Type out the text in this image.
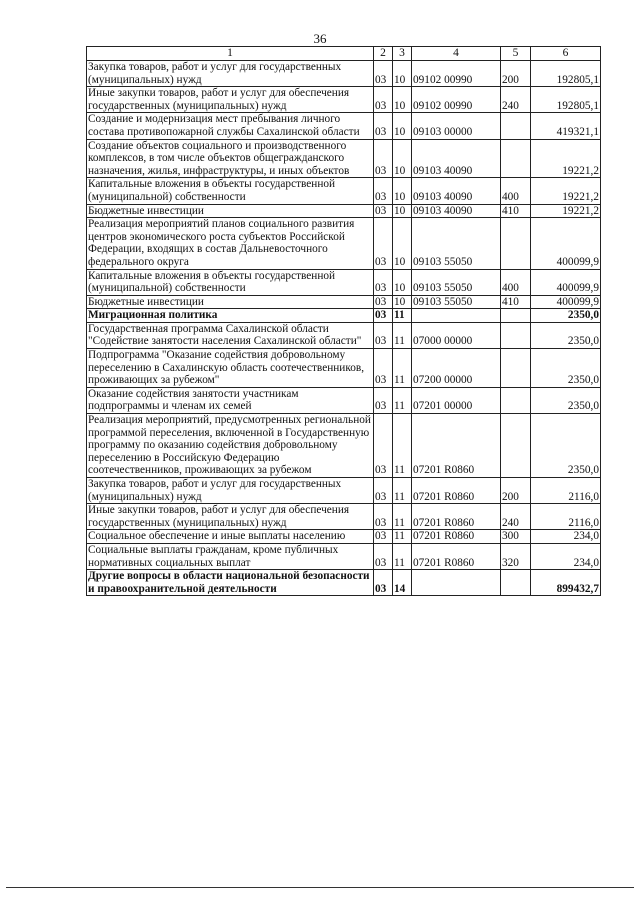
36
1	2	3	4	5	6
Закупка товаров, работ и услуг для государственных (муниципальных) нужд	03	10	09102 00990	200	192805,1
Иные закупки товаров, работ и услуг для обеспечения государственных (муниципальных) нужд	03	10	09102 00990	240	192805,1
Создание и модернизация мест пребывания личного состава противопожарной службы Сахалинской области	03	10	09103 00000		419321,1
Создание объектов социального и производственного комплексов, в том числе объектов общегражданского назначения, жилья, инфраструктуры, и иных объектов	03	10	09103 40090		19221,2
Капитальные вложения в объекты государственной (муниципальной) собственности	03	10	09103 40090	400	19221,2
Бюджетные инвестиции	03	10	09103 40090	410	19221,2
Реализация мероприятий планов социального развития центров экономического роста субъектов Российской Федерации, входящих в состав Дальневосточного федерального округа	03	10	09103 55050		400099,9
Капитальные вложения в объекты государственной (муниципальной) собственности	03	10	09103 55050	400	400099,9
Бюджетные инвестиции	03	10	09103 55050	410	400099,9
Миграционная политика	03	11			2350,0
Государственная программа Сахалинской области "Содействие занятости населения Сахалинской области"	03	11	07000 00000		2350,0
Подпрограмма "Оказание содействия добровольному переселению в Сахалинскую область соотечественников, проживающих за рубежом"	03	11	07200 00000		2350,0
Оказание содействия занятости участникам подпрограммы и членам их семей	03	11	07201 00000		2350,0
Реализация мероприятий, предусмотренных региональной программой переселения, включенной в Государственную программу по оказанию содействия добровольному переселению в Российскую Федерацию соотечественников, проживающих за рубежом	03	11	07201 R0860		2350,0
Закупка товаров, работ и услуг для государственных (муниципальных) нужд	03	11	07201 R0860	200	2116,0
Иные закупки товаров, работ и услуг для обеспечения государственных (муниципальных) нужд	03	11	07201 R0860	240	2116,0
Социальное обеспечение и иные выплаты населению	03	11	07201 R0860	300	234,0
Социальные выплаты гражданам, кроме публичных нормативных социальных выплат	03	11	07201 R0860	320	234,0
Другие вопросы в области национальной безопасности и правоохранительной деятельности	03	14			899432,7
